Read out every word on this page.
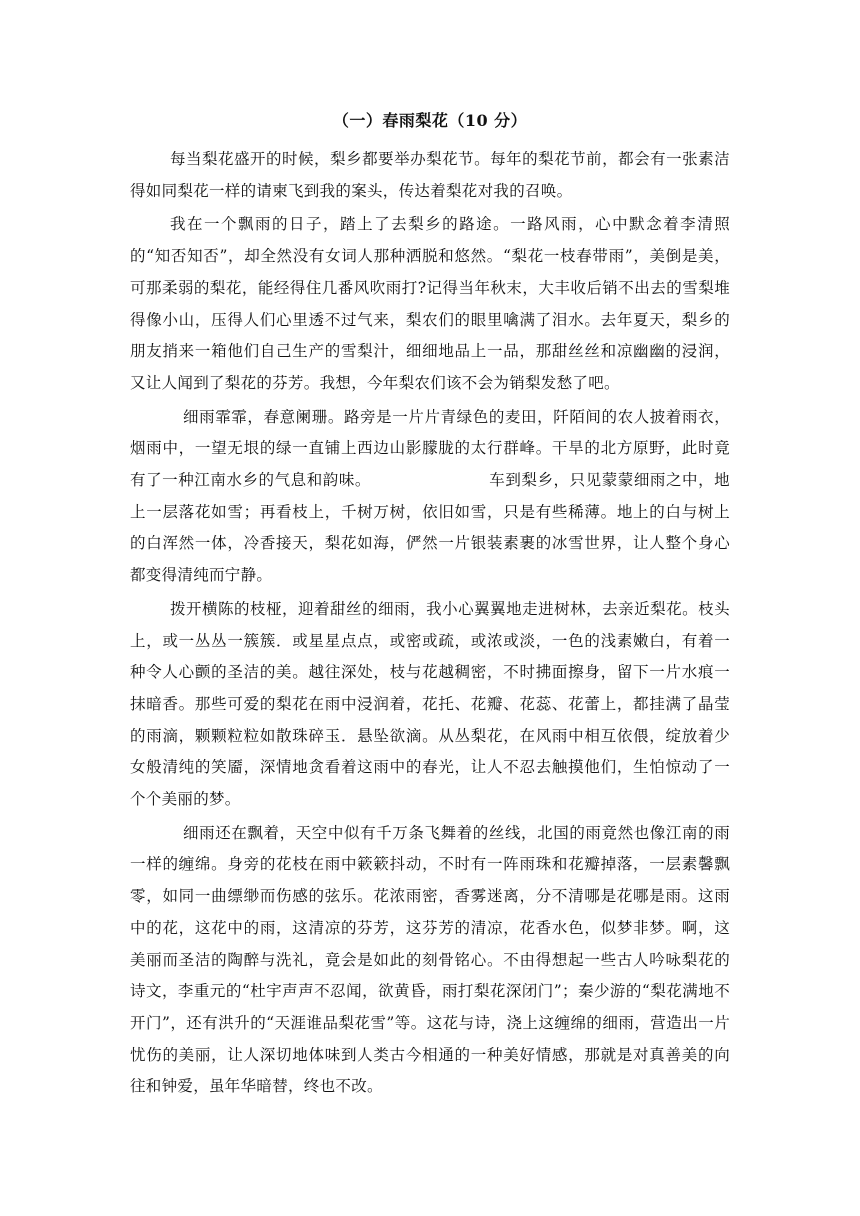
（一）春雨梨花（10 分）

每当梨花盛开的时候，梨乡都要举办梨花节。每年的梨花节前，都会有一张素洁得如同梨花一样的请柬飞到我的案头，传达着梨花对我的召唤。

我在一个飘雨的日子，踏上了去梨乡的路途。一路风雨，心中默念着李清照的“知否知否”，却全然没有女词人那种洒脱和悠然。“梨花一枝春带雨”，美倒是美，可那柔弱的梨花，能经得住几番风吹雨打?记得当年秋末，大丰收后销不出去的雪梨堆得像小山，压得人们心里透不过气来，梨农们的眼里噙满了泪水。去年夏天，梨乡的朋友捎来一箱他们自己生产的雪梨汁，细细地品上一品，那甜丝丝和凉幽幽的浸润，又让人闻到了梨花的芬芳。我想，今年梨农们该不会为销梨发愁了吧。

细雨霏霏，春意阑珊。路旁是一片片青绿色的麦田，阡陌间的农人披着雨衣，烟雨中，一望无垠的绿一直铺上西边山影朦胧的太行群峰。干旱的北方原野，此时竟有了一种江南水乡的气息和韵味。	车到梨乡，只见蒙蒙细雨之中，地上一层落花如雪；再看枝上，千树万树，依旧如雪，只是有些稀薄。地上的白与树上的白浑然一体，冷香接天，梨花如海，俨然一片银装素裹的冰雪世界，让人整个身心都变得清纯而宁静。

拨开横陈的枝桠，迎着甜丝的细雨，我小心翼翼地走进树林，去亲近梨花。枝头上，或一丛丛一簇簇．或星星点点，或密或疏，或浓或淡，一色的浅素嫩白，有着一种令人心颤的圣洁的美。越往深处，枝与花越稠密，不时拂面擦身，留下一片水痕一抹暗香。那些可爱的梨花在雨中浸润着，花托、花瓣、花蕊、花蕾上，都挂满了晶莹的雨滴，颗颗粒粒如散珠碎玉．悬坠欲滴。从丛梨花，在风雨中相互依偎，绽放着少女般清纯的笑靥，深情地贪看着这雨中的春光，让人不忍去触摸他们，生怕惊动了一个个美丽的梦。

细雨还在飘着，天空中似有千万条飞舞着的丝线，北国的雨竟然也像江南的雨一样的缠绵。身旁的花枝在雨中簌簌抖动，不时有一阵雨珠和花瓣掉落，一层素馨飘零，如同一曲缥缈而伤感的弦乐。花浓雨密，香雾迷离，分不清哪是花哪是雨。这雨中的花，这花中的雨，这清凉的芬芳，这芬芳的清凉，花香水色，似梦非梦。啊，这美丽而圣洁的陶醉与洗礼，竟会是如此的刻骨铭心。不由得想起一些古人吟咏梨花的诗文，李重元的“杜宇声声不忍闻，欲黄昏，雨打梨花深闭门”；秦少游的“梨花满地不开门”，还有洪升的“天涯谁品梨花雪”等。这花与诗，浇上这缠绵的细雨，营造出一片忧伤的美丽，让人深切地体味到人类古今相通的一种美好情感，那就是对真善美的向往和钟爱，虽年华暗替，终也不改。
